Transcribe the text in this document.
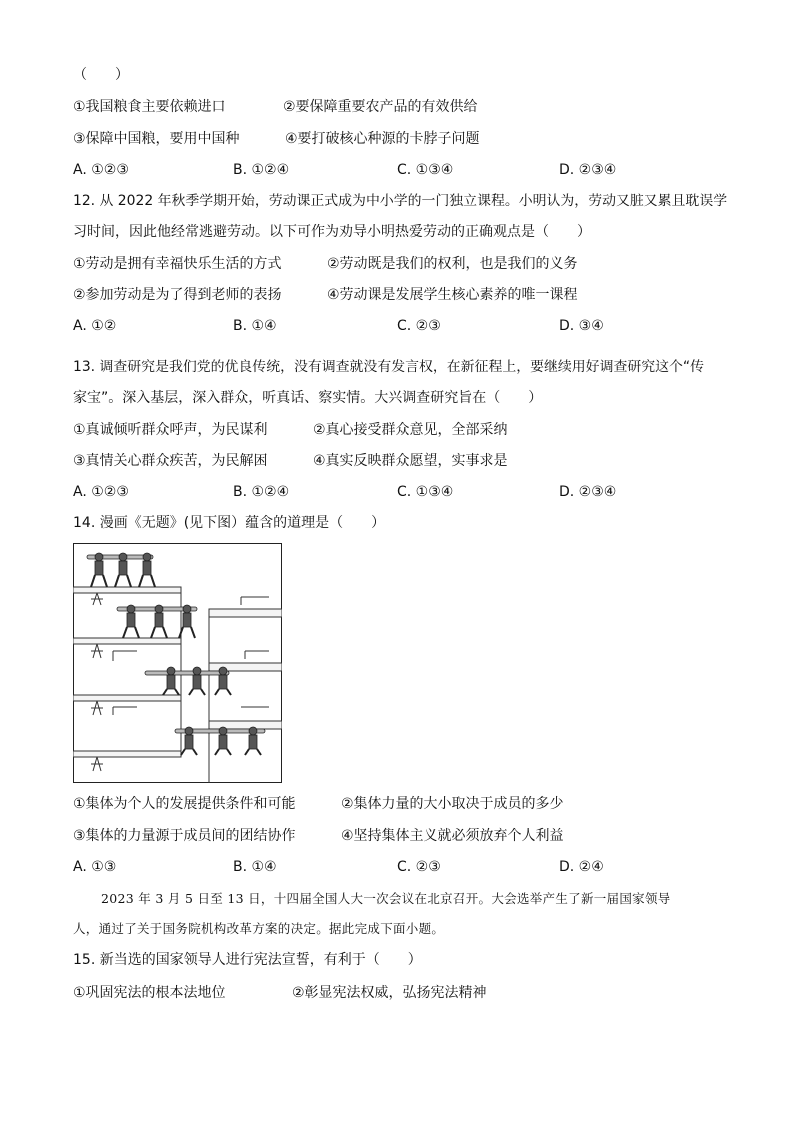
（　　）
①我国粮食主要依赖进口	②要保障重要农产品的有效供给
③保障中国粮，要用中国种	④要打破核心种源的卡脖子问题
A. ①②③	B. ①②④	C. ①③④	D. ②③④
12. 从 2022 年秋季学期开始，劳动课正式成为中小学的一门独立课程。小明认为，劳动又脏又累且耽误学
习时间，因此他经常逃避劳动。以下可作为劝导小明热爱劳动的正确观点是（　　）
①劳动是拥有幸福快乐生活的方式	②劳动既是我们的权利，也是我们的义务
②参加劳动是为了得到老师的表扬	④劳动课是发展学生核心素养的唯一课程
A. ①②	B. ①④	C. ②③	D. ③④
13. 调查研究是我们党的优良传统，没有调查就没有发言权，在新征程上，要继续用好调查研究这个“传
家宝”。深入基层，深入群众，听真话、察实情。大兴调查研究旨在（　　）
①真诚倾听群众呼声，为民谋利	②真心接受群众意见，全部采纳
③真情关心群众疾苦，为民解困	④真实反映群众愿望，实事求是
A. ①②③	B. ①②④	C. ①③④	D. ②③④
14. 漫画《无题》(见下图）蕴含的道理是（　　）
①集体为个人的发展提供条件和可能	②集体力量的大小取决于成员的多少
③集体的力量源于成员间的团结协作	④坚持集体主义就必须放弃个人利益
A. ①③	B. ①④	C. ②③	D. ②④
2023 年 3 月 5 日至 13 日，十四届全国人大一次会议在北京召开。大会选举产生了新一届国家领导
人，通过了关于国务院机构改革方案的决定。据此完成下面小题。
15. 新当选的国家领导人进行宪法宣誓，有利于（　　）
①巩固宪法的根本法地位	②彰显宪法权威，弘扬宪法精神
